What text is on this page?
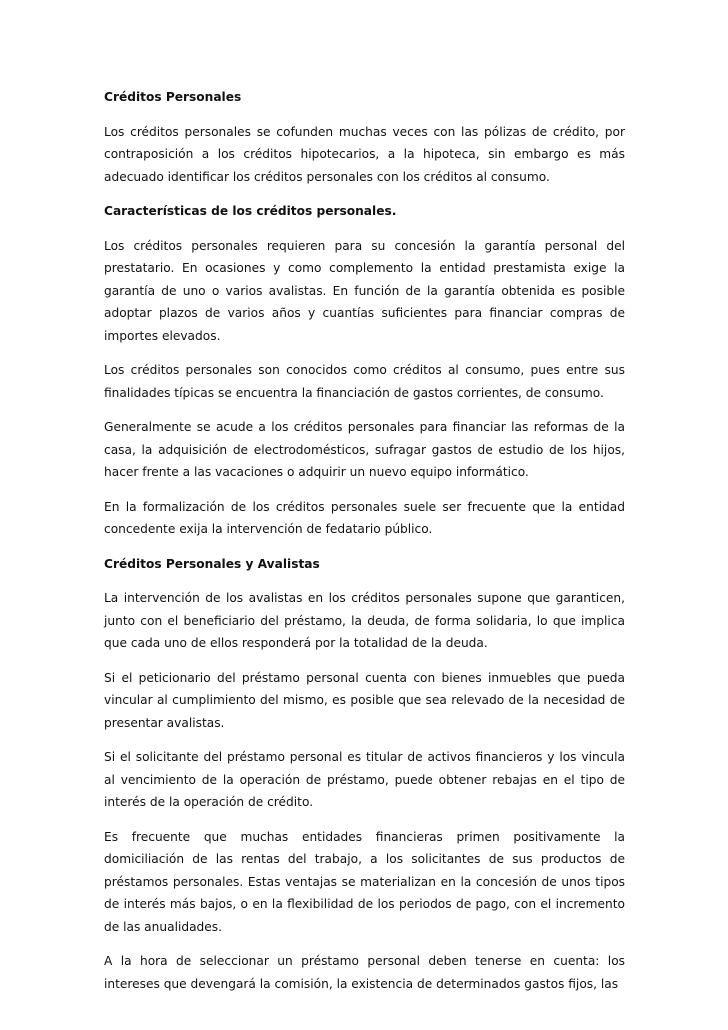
Créditos Personales

Los créditos personales se cofunden muchas veces con las pólizas de crédito, por contraposición a los créditos hipotecarios, a la hipoteca, sin embargo es más adecuado identificar los créditos personales con los créditos al consumo.

Características de los créditos personales.

Los créditos personales requieren para su concesión la garantía personal del prestatario. En ocasiones y como complemento la entidad prestamista exige la garantía de uno o varios avalistas. En función de la garantía obtenida es posible adoptar plazos de varios años y cuantías suficientes para financiar compras de importes elevados.

Los créditos personales son conocidos como créditos al consumo, pues entre sus finalidades típicas se encuentra la financiación de gastos corrientes, de consumo.

Generalmente se acude a los créditos personales para financiar las reformas de la casa, la adquisición de electrodomésticos, sufragar gastos de estudio de los hijos, hacer frente a las vacaciones o adquirir un nuevo equipo informático.

En la formalización de los créditos personales suele ser frecuente que la entidad concedente exija la intervención de fedatario público.

Créditos Personales y Avalistas

La intervención de los avalistas en los créditos personales supone que garanticen, junto con el beneficiario del préstamo, la deuda, de forma solidaria, lo que implica que cada uno de ellos responderá por la totalidad de la deuda.

Si el peticionario del préstamo personal cuenta con bienes inmuebles que pueda vincular al cumplimiento del mismo, es posible que sea relevado de la necesidad de presentar avalistas.

Si el solicitante del préstamo personal es titular de activos financieros y los vincula al vencimiento de la operación de préstamo, puede obtener rebajas en el tipo de interés de la operación de crédito.

Es frecuente que muchas entidades financieras primen positivamente la domiciliación de las rentas del trabajo, a los solicitantes de sus productos de préstamos personales. Estas ventajas se materializan en la concesión de unos tipos de interés más bajos, o en la flexibilidad de los periodos de pago, con el incremento de las anualidades.

A la hora de seleccionar un préstamo personal deben tenerse en cuenta: los intereses que devengará la comisión, la existencia de determinados gastos fijos, las
